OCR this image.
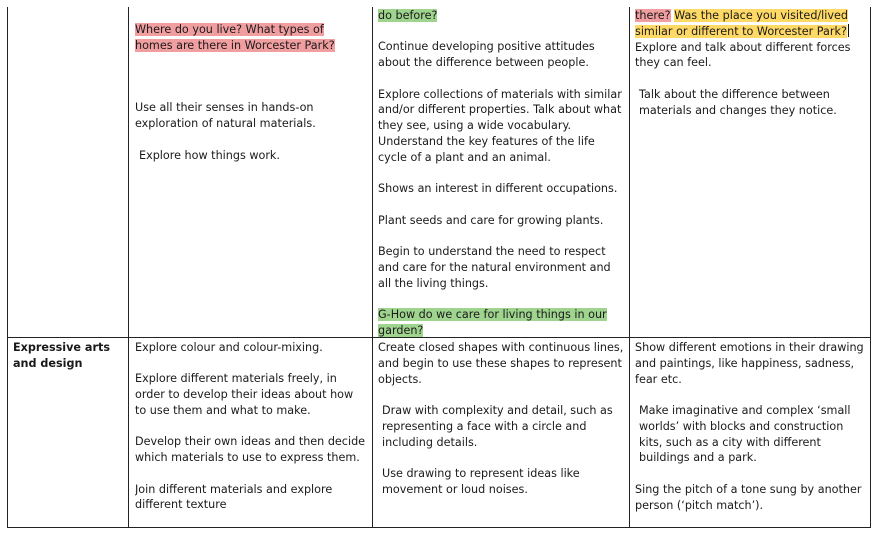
Where do you live? What types of homes are there in Worcester Park?

Use all their senses in hands-on exploration of natural materials.

Explore how things work.

do before?

Continue developing positive attitudes about the difference between people.

Explore collections of materials with similar and/or different properties. Talk about what they see, using a wide vocabulary.

Understand the key features of the life cycle of a plant and an animal.

Shows an interest in different occupations.

Plant seeds and care for growing plants.

Begin to understand the need to respect and care for the natural environment and all the living things.

G-How do we care for living things in our garden?

there? Was the place you visited/lived similar or different to Worcester Park?

Explore and talk about different forces they can feel.

Talk about the difference between materials and changes they notice.

Expressive arts and design

Explore colour and colour-mixing.

Explore different materials freely, in order to develop their ideas about how to use them and what to make.

Develop their own ideas and then decide which materials to use to express them.

Join different materials and explore different texture

Create closed shapes with continuous lines, and begin to use these shapes to represent objects.

Draw with complexity and detail, such as representing a face with a circle and including details.

Use drawing to represent ideas like movement or loud noises.

Show different emotions in their drawing and paintings, like happiness, sadness, fear etc.

Make imaginative and complex ‘small worlds’ with blocks and construction kits, such as a city with different buildings and a park.

Sing the pitch of a tone sung by another person (‘pitch match’).
